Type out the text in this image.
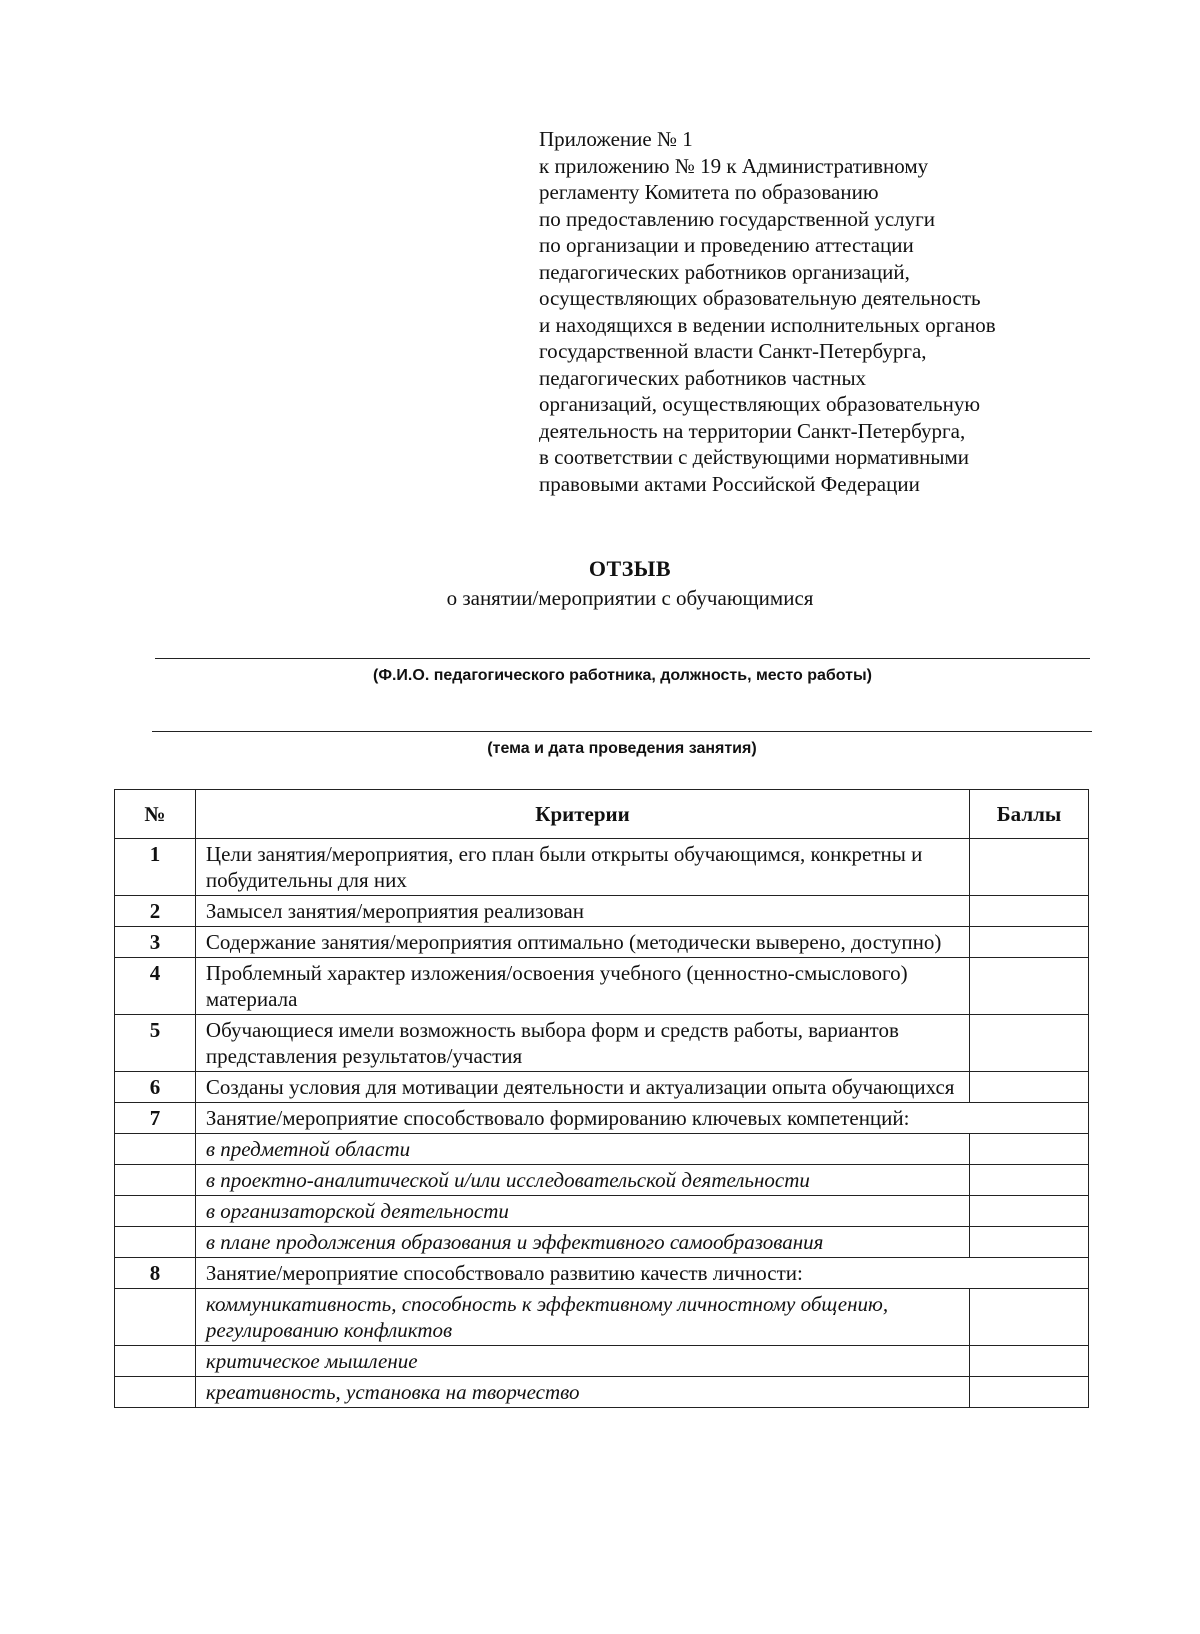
Приложение № 1
к приложению № 19 к Административному
регламенту Комитета по образованию
по предоставлению государственной услуги
по организации и проведению аттестации
педагогических работников организаций,
осуществляющих образовательную деятельность
и находящихся в ведении исполнительных органов
государственной власти Санкт-Петербурга,
педагогических работников частных
организаций, осуществляющих образовательную
деятельность на территории Санкт-Петербурга,
в соответствии с действующими нормативными
правовыми актами Российской Федерации
ОТЗЫВ
о занятии/мероприятии с обучающимися
(Ф.И.О. педагогического работника, должность, место работы)
(тема и дата проведения занятия)
№	Критерии	Баллы
1	Цели занятия/мероприятия, его план были открыты обучающимся, конкретны и побудительны для них	
2	Замысел занятия/мероприятия реализован	
3	Содержание занятия/мероприятия оптимально (методически выверено, доступно)	
4	Проблемный характер изложения/освоения учебного (ценностно-смыслового) материала	
5	Обучающиеся имели возможность выбора форм и средств работы, вариантов представления результатов/участия	
6	Созданы условия для мотивации деятельности и актуализации опыта обучающихся	
7	Занятие/мероприятие способствовало формированию ключевых компетенций:	
	в предметной области	
	в проектно-аналитической и/или исследовательской деятельности	
	в организаторской деятельности	
	в плане продолжения образования и эффективного самообразования	
8	Занятие/мероприятие способствовало развитию качеств личности:	
	коммуникативность, способность к эффективному личностному общению, регулированию конфликтов	
	критическое мышление	
	креативность, установка на творчество	
